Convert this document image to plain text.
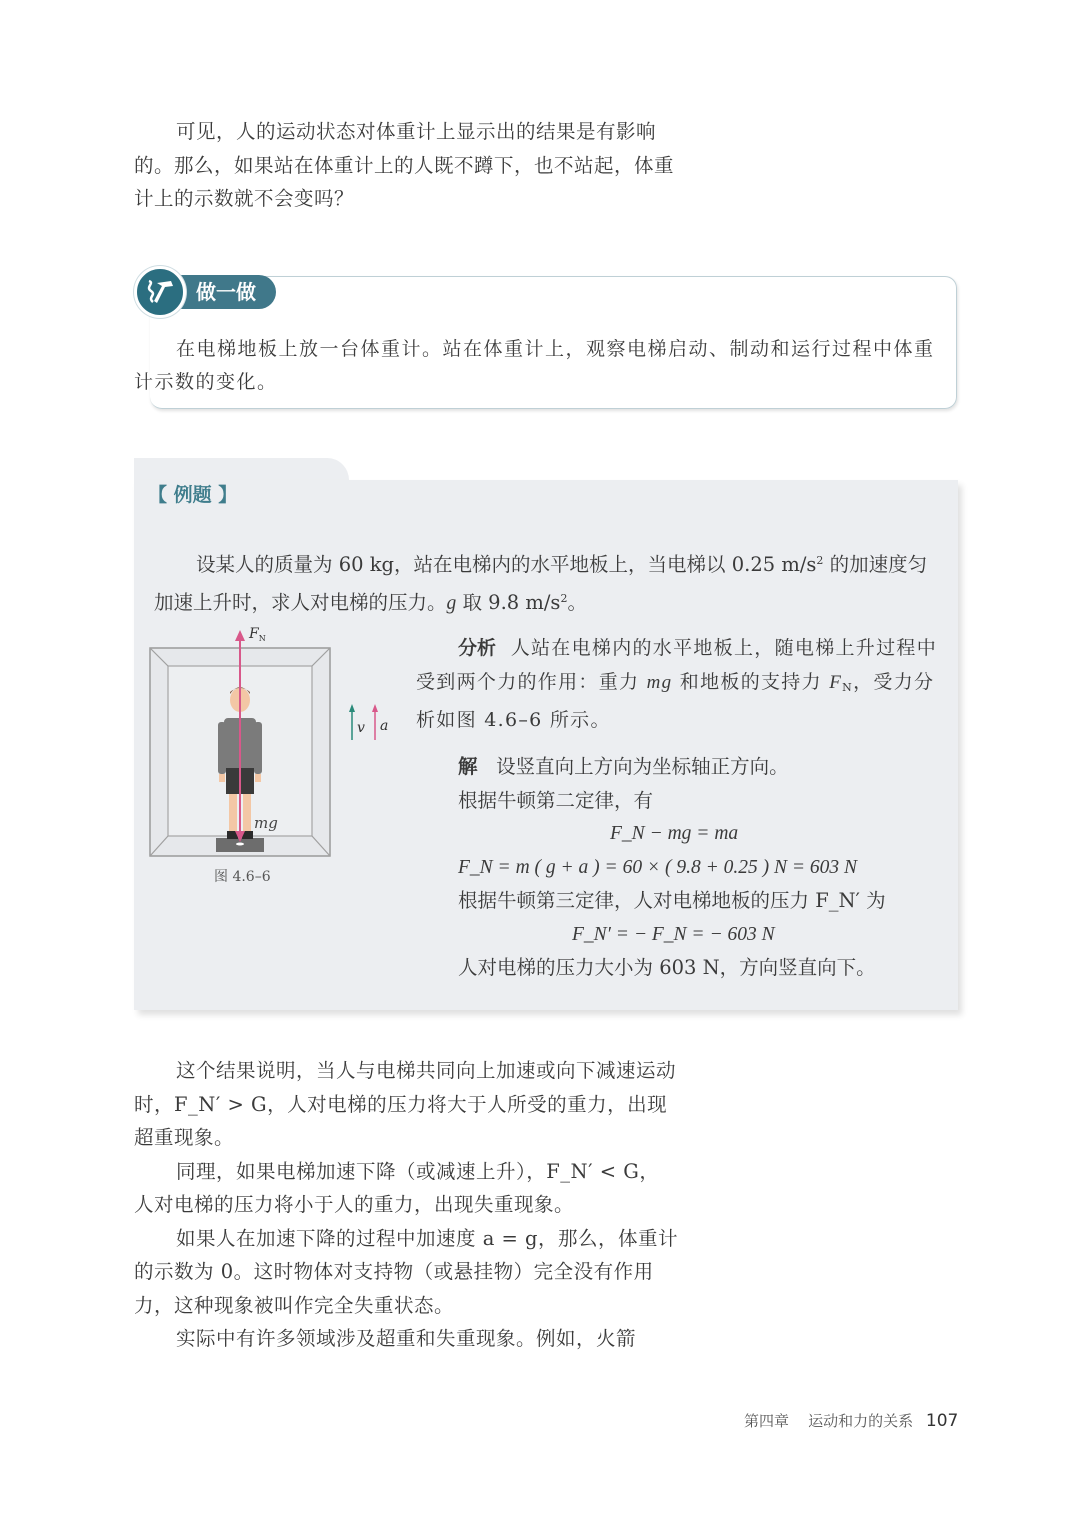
可见，人的运动状态对体重计上显示出的结果是有影响的。那么，如果站在体重计上的人既不蹲下，也不站起，体重计上的示数就不会变吗？

做一做

在电梯地板上放一台体重计。站在体重计上，观察电梯启动、制动和运行过程中体重计示数的变化。

【 例题 】

设某人的质量为 60 kg，站在电梯内的水平地板上，当电梯以 0.25 $m/s^2$ 的加速度匀加速上升时，求人对电梯的压力。g 取 9.8 $m/s^2$。

$F_N$
mg
v a
图 4.6–6

分析 人站在电梯内的水平地板上，随电梯上升过程中受到两个力的作用：重力 mg 和地板的支持力 $F_N$，受力分析如图 4.6–6 所示。

解 设竖直向上方向为坐标轴正方向。

根据牛顿第二定律，有

F_N − mg = ma

F_N = m ( g + a ) = 60 × ( 9.8 + 0.25 ) N = 603 N

根据牛顿第三定律，人对电梯地板的压力 F_N′ 为

F_N′ = − F_N = − 603 N

人对电梯的压力大小为 603 N，方向竖直向下。

这个结果说明，当人与电梯共同向上加速或向下减速运动时，F_N′ > G，人对电梯的压力将大于人所受的重力，出现超重现象。

同理，如果电梯加速下降（或减速上升），F_N′ < G，人对电梯的压力将小于人的重力，出现失重现象。

如果人在加速下降的过程中加速度 a = g，那么，体重计的示数为 0。这时物体对支持物（或悬挂物）完全没有作用力，这种现象被叫作完全失重状态。

实际中有许多领域涉及超重和失重现象。例如，火箭

第四章 运动和力的关系 107
